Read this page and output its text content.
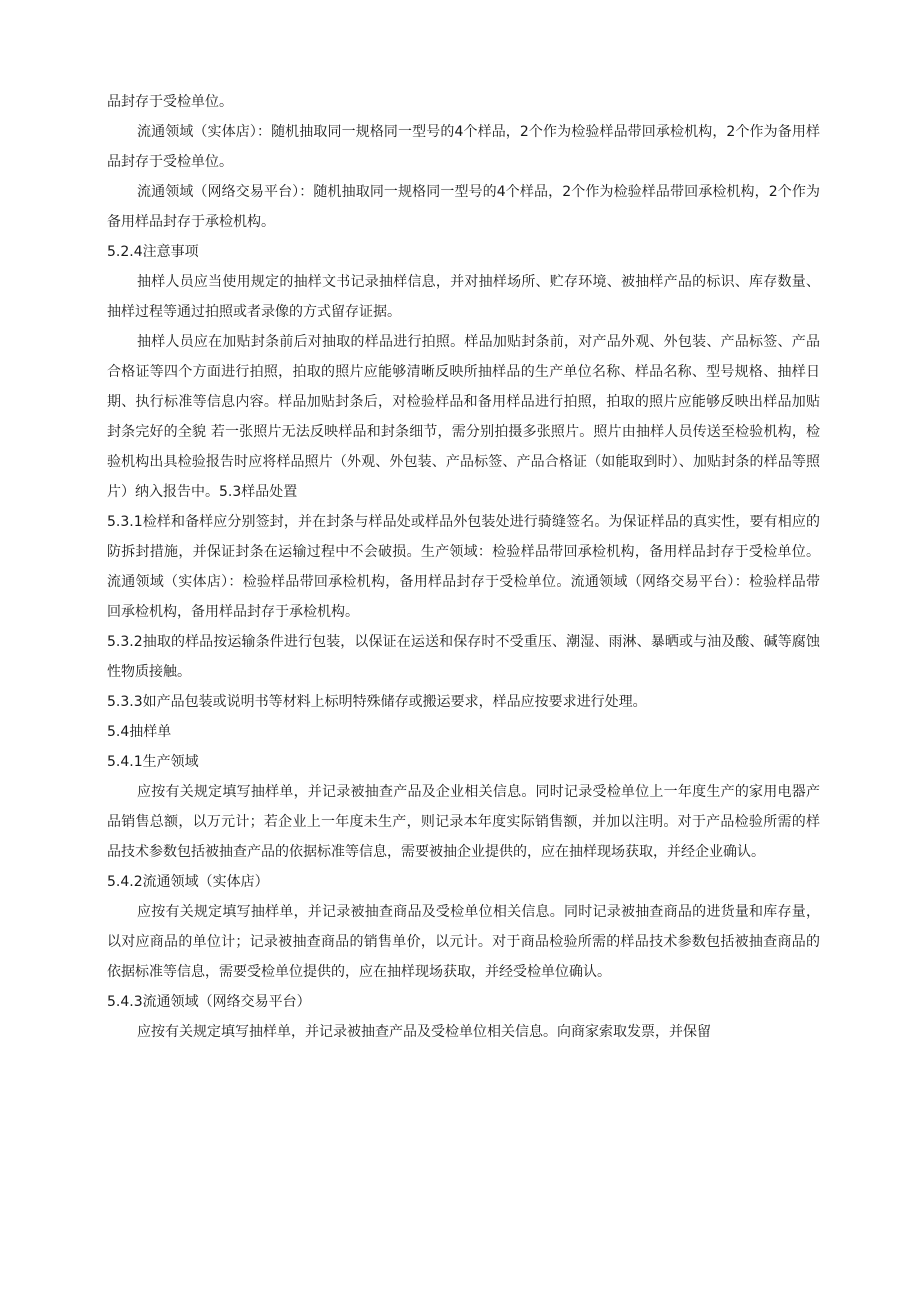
品封存于受检单位。

流通领域（实体店）：随机抽取同一规格同一型号的4个样品，2个作为检验样品带回承检机构，2个作为备用样品封存于受检单位。

流通领域（网络交易平台）：随机抽取同一规格同一型号的4个样品，2个作为检验样品带回承检机构，2个作为备用样品封存于承检机构。

5.2.4注意事项

抽样人员应当使用规定的抽样文书记录抽样信息，并对抽样场所、贮存环境、被抽样产品的标识、库存数量、抽样过程等通过拍照或者录像的方式留存证据。

抽样人员应在加贴封条前后对抽取的样品进行拍照。样品加贴封条前，对产品外观、外包装、产品标签、产品合格证等四个方面进行拍照，拍取的照片应能够清晰反映所抽样品的生产单位名称、样品名称、型号规格、抽样日期、执行标准等信息内容。样品加贴封条后，对检验样品和备用样品进行拍照，拍取的照片应能够反映出样品加贴封条完好的全貌 若一张照片无法反映样品和封条细节，需分别拍摄多张照片。照片由抽样人员传送至检验机构，检验机构出具检验报告时应将样品照片（外观、外包装、产品标签、产品合格证（如能取到时）、加贴封条的样品等照片）纳入报告中。5.3样品处置

5.3.1检样和备样应分别签封，并在封条与样品处或样品外包装处进行骑缝签名。为保证样品的真实性，要有相应的防拆封措施，并保证封条在运输过程中不会破损。生产领域：检验样品带回承检机构，备用样品封存于受检单位。流通领域（实体店）：检验样品带回承检机构，备用样品封存于受检单位。流通领域（网络交易平台）：检验样品带回承检机构，备用样品封存于承检机构。

5.3.2抽取的样品按运输条件进行包装，以保证在运送和保存时不受重压、潮湿、雨淋、暴晒或与油及酸、碱等腐蚀性物质接触。

5.3.3如产品包装或说明书等材料上标明特殊储存或搬运要求，样品应按要求进行处理。

5.4抽样单

5.4.1生产领域

应按有关规定填写抽样单，并记录被抽查产品及企业相关信息。同时记录受检单位上一年度生产的家用电器产品销售总额，以万元计；若企业上一年度未生产，则记录本年度实际销售额，并加以注明。对于产品检验所需的样品技术参数包括被抽查产品的依据标准等信息，需要被抽企业提供的，应在抽样现场获取，并经企业确认。

5.4.2流通领域（实体店）

应按有关规定填写抽样单，并记录被抽查商品及受检单位相关信息。同时记录被抽查商品的进货量和库存量，以对应商品的单位计；记录被抽查商品的销售单价，以元计。对于商品检验所需的样品技术参数包括被抽查商品的依据标准等信息，需要受检单位提供的，应在抽样现场获取，并经受检单位确认。

5.4.3流通领域（网络交易平台）

应按有关规定填写抽样单，并记录被抽查产品及受检单位相关信息。向商家索取发票，并保留
